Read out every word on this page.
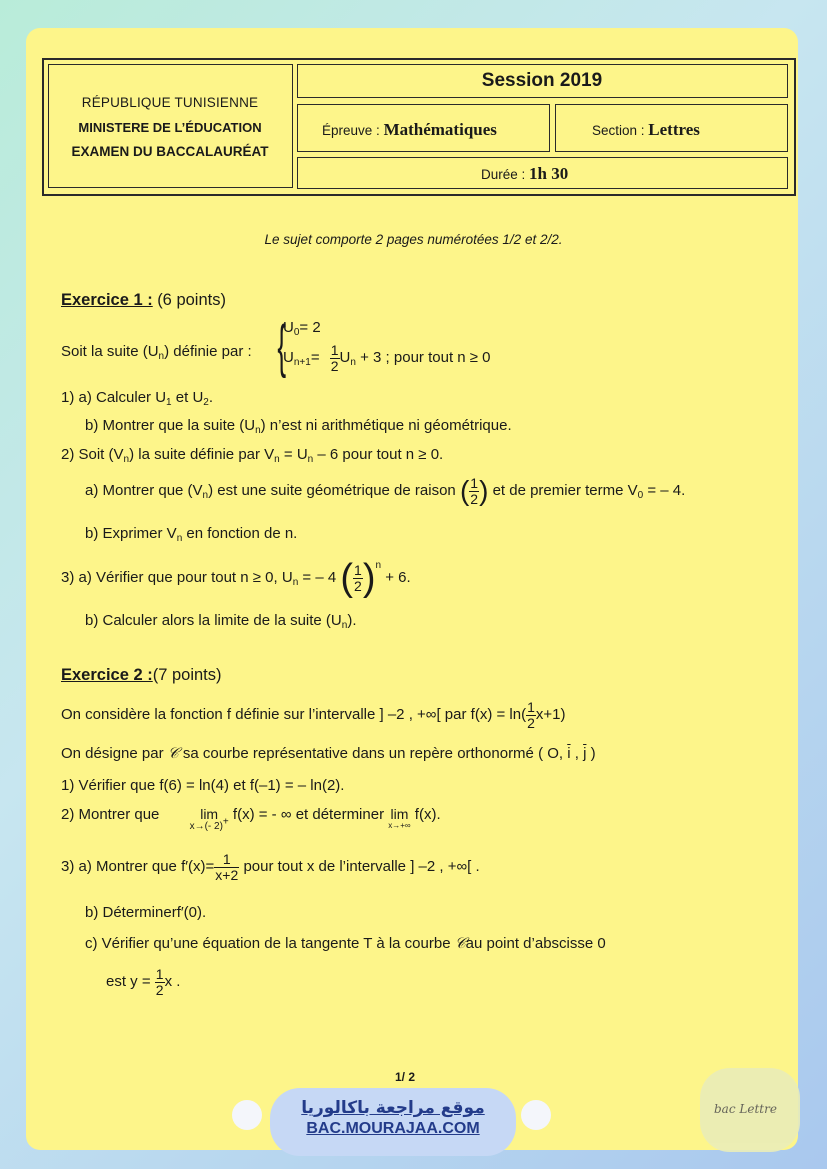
RÉPUBLIQUE TUNISIENNE
MINISTERE DE L’ÉDUCATION
EXAMEN DU BACCALAURÉAT
Session 2019
Épreuve : Mathématiques	Section : Lettres
Durée : 1h 30
Le sujet comporte 2 pages numérotées 1/2 et 2/2.
Exercice 1 : (6 points)
Soit la suite $(U_n)$ définie par : {
$U_0= 2$
$U_{n+1}= \frac{1}{2} U_n + 3$ ; pour tout n ≥ 0
1) a) Calculer $U_1$ et $U_2$.
b) Montrer que la suite $(U_n)$ n’est ni arithmétique ni géométrique.
2) Soit $(V_n)$ la suite définie par $V_n = U_n - 6$ pour tout n ≥ 0.
a) Montrer que $(V_n)$ est une suite géométrique de raison ( $\frac{1}{2}$ ) et de premier terme $V_0$ = – 4.
b) Exprimer $V_n$ en fonction de n.
3) a) Vérifier que pour tout n ≥ 0, $U_n$ = – 4 ( $\frac{1}{2} )^n + 6$.
b) Calculer alors la limite de la suite $(U_n)$.
Exercice 2 :(7 points)
On considère la fonction f définie sur l’intervalle ] –2 , +∞[ par $f(x) = \ln( \frac{1}{2} x+1)$
On désigne par 𝒞 sa courbe représentative dans un repère orthonormé ( O, $\overline{i}$ , $\overline{j}$ )
1) Vérifier que f(6) = ln(4) et f(–1) = – ln(2).
2) Montrer que	lim
x→(- 2)+ f(x) = - ∞ et déterminer lim
x→+∞
f(x).
3) a) Montrer que $f'(x)= \frac{1}{x+2}$ pour tout x de l’intervalle ] –2 , +∞[ .
b) Déterminerf′(0).
c) Vérifier qu’une équation de la tangente T à la courbe 𝒞au point d’abscisse 0
est $y = \frac{1}{2}$ x .
1/ 2
موقع مراجعة باكالوريا
BAC.MOURAJAA.COM
bac Lettre
